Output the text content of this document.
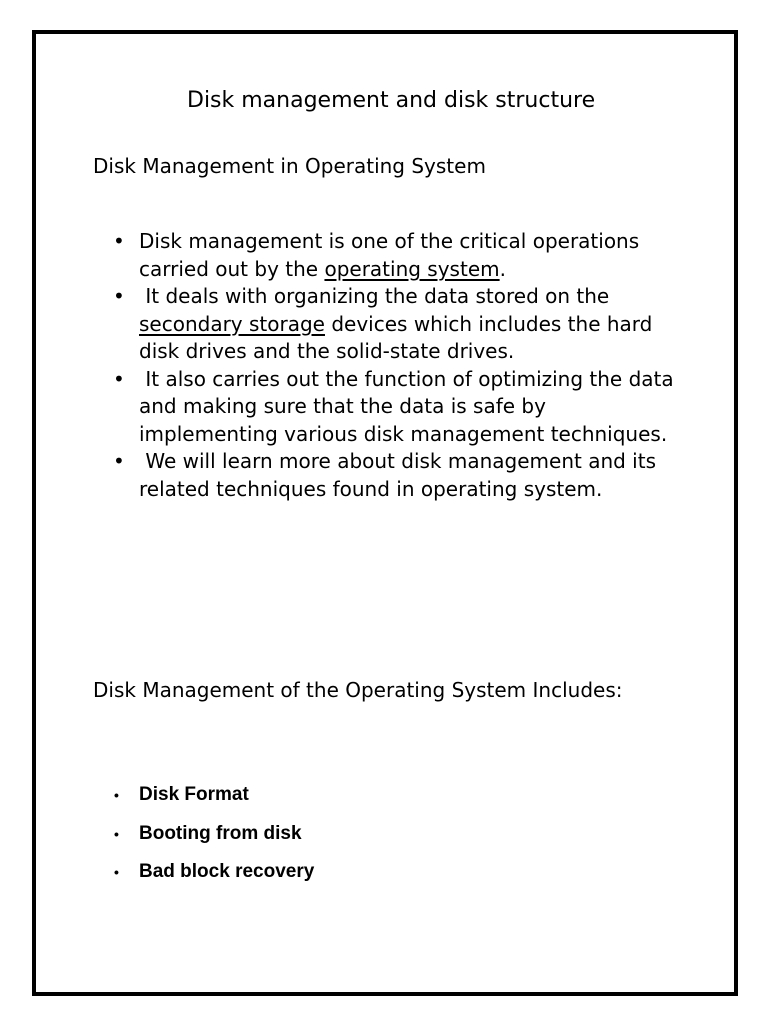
Disk management and disk structure
Disk Management in Operating System
• Disk management is one of the critical operations carried out by the operating system.
• It deals with organizing the data stored on the secondary storage devices which includes the hard disk drives and the solid-state drives.
• It also carries out the function of optimizing the data and making sure that the data is safe by implementing various disk management techniques.
• We will learn more about disk management and its related techniques found in operating system.
Disk Management of the Operating System Includes:
• Disk Format
• Booting from disk
• Bad block recovery
